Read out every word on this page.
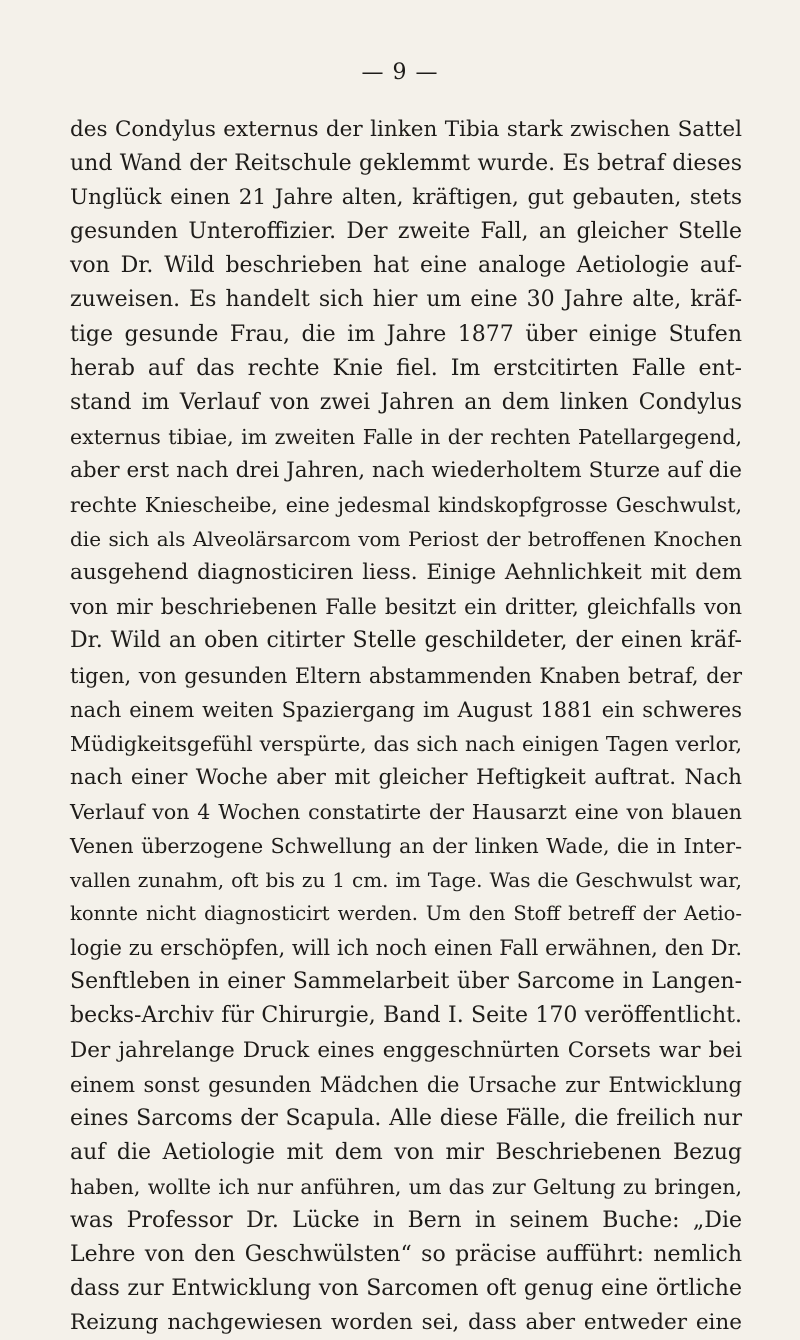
— 9 —
des Condylus externus der linken Tibia stark zwischen Sattel
und Wand der Reitschule geklemmt wurde. Es betraf dieses
Unglück einen 21 Jahre alten, kräftigen, gut gebauten, stets
gesunden Unteroffizier. Der zweite Fall, an gleicher Stelle
von Dr. Wild beschrieben hat eine analoge Aetiologie auf-
zuweisen. Es handelt sich hier um eine 30 Jahre alte, kräf-
tige gesunde Frau, die im Jahre 1877 über einige Stufen
herab auf das rechte Knie fiel. Im erstcitirten Falle ent-
stand im Verlauf von zwei Jahren an dem linken Condylus
externus tibiae, im zweiten Falle in der rechten Patellargegend,
aber erst nach drei Jahren, nach wiederholtem Sturze auf die
rechte Kniescheibe, eine jedesmal kindskopfgrosse Geschwulst,
die sich als Alveolärsarcom vom Periost der betroffenen Knochen
ausgehend diagnosticiren liess. Einige Aehnlichkeit mit dem
von mir beschriebenen Falle besitzt ein dritter, gleichfalls von
Dr. Wild an oben citirter Stelle geschildeter, der einen kräf-
tigen, von gesunden Eltern abstammenden Knaben betraf, der
nach einem weiten Spaziergang im August 1881 ein schweres
Müdigkeitsgefühl verspürte, das sich nach einigen Tagen verlor,
nach einer Woche aber mit gleicher Heftigkeit auftrat. Nach
Verlauf von 4 Wochen constatirte der Hausarzt eine von blauen
Venen überzogene Schwellung an der linken Wade, die in Inter-
vallen zunahm, oft bis zu 1 cm. im Tage. Was die Geschwulst war,
konnte nicht diagnosticirt werden. Um den Stoff betreff der Aetio-
logie zu erschöpfen, will ich noch einen Fall erwähnen, den Dr.
Senftleben in einer Sammelarbeit über Sarcome in Langen-
becks-Archiv für Chirurgie, Band I. Seite 170 veröffentlicht.
Der jahrelange Druck eines enggeschnürten Corsets war bei
einem sonst gesunden Mädchen die Ursache zur Entwicklung
eines Sarcoms der Scapula. Alle diese Fälle, die freilich nur
auf die Aetiologie mit dem von mir Beschriebenen Bezug
haben, wollte ich nur anführen, um das zur Geltung zu bringen,
was Professor Dr. Lücke in Bern in seinem Buche: „Die
Lehre von den Geschwülsten“ so präcise aufführt: nemlich
dass zur Entwicklung von Sarcomen oft genug eine örtliche
Reizung nachgewiesen worden sei, dass aber entweder eine
